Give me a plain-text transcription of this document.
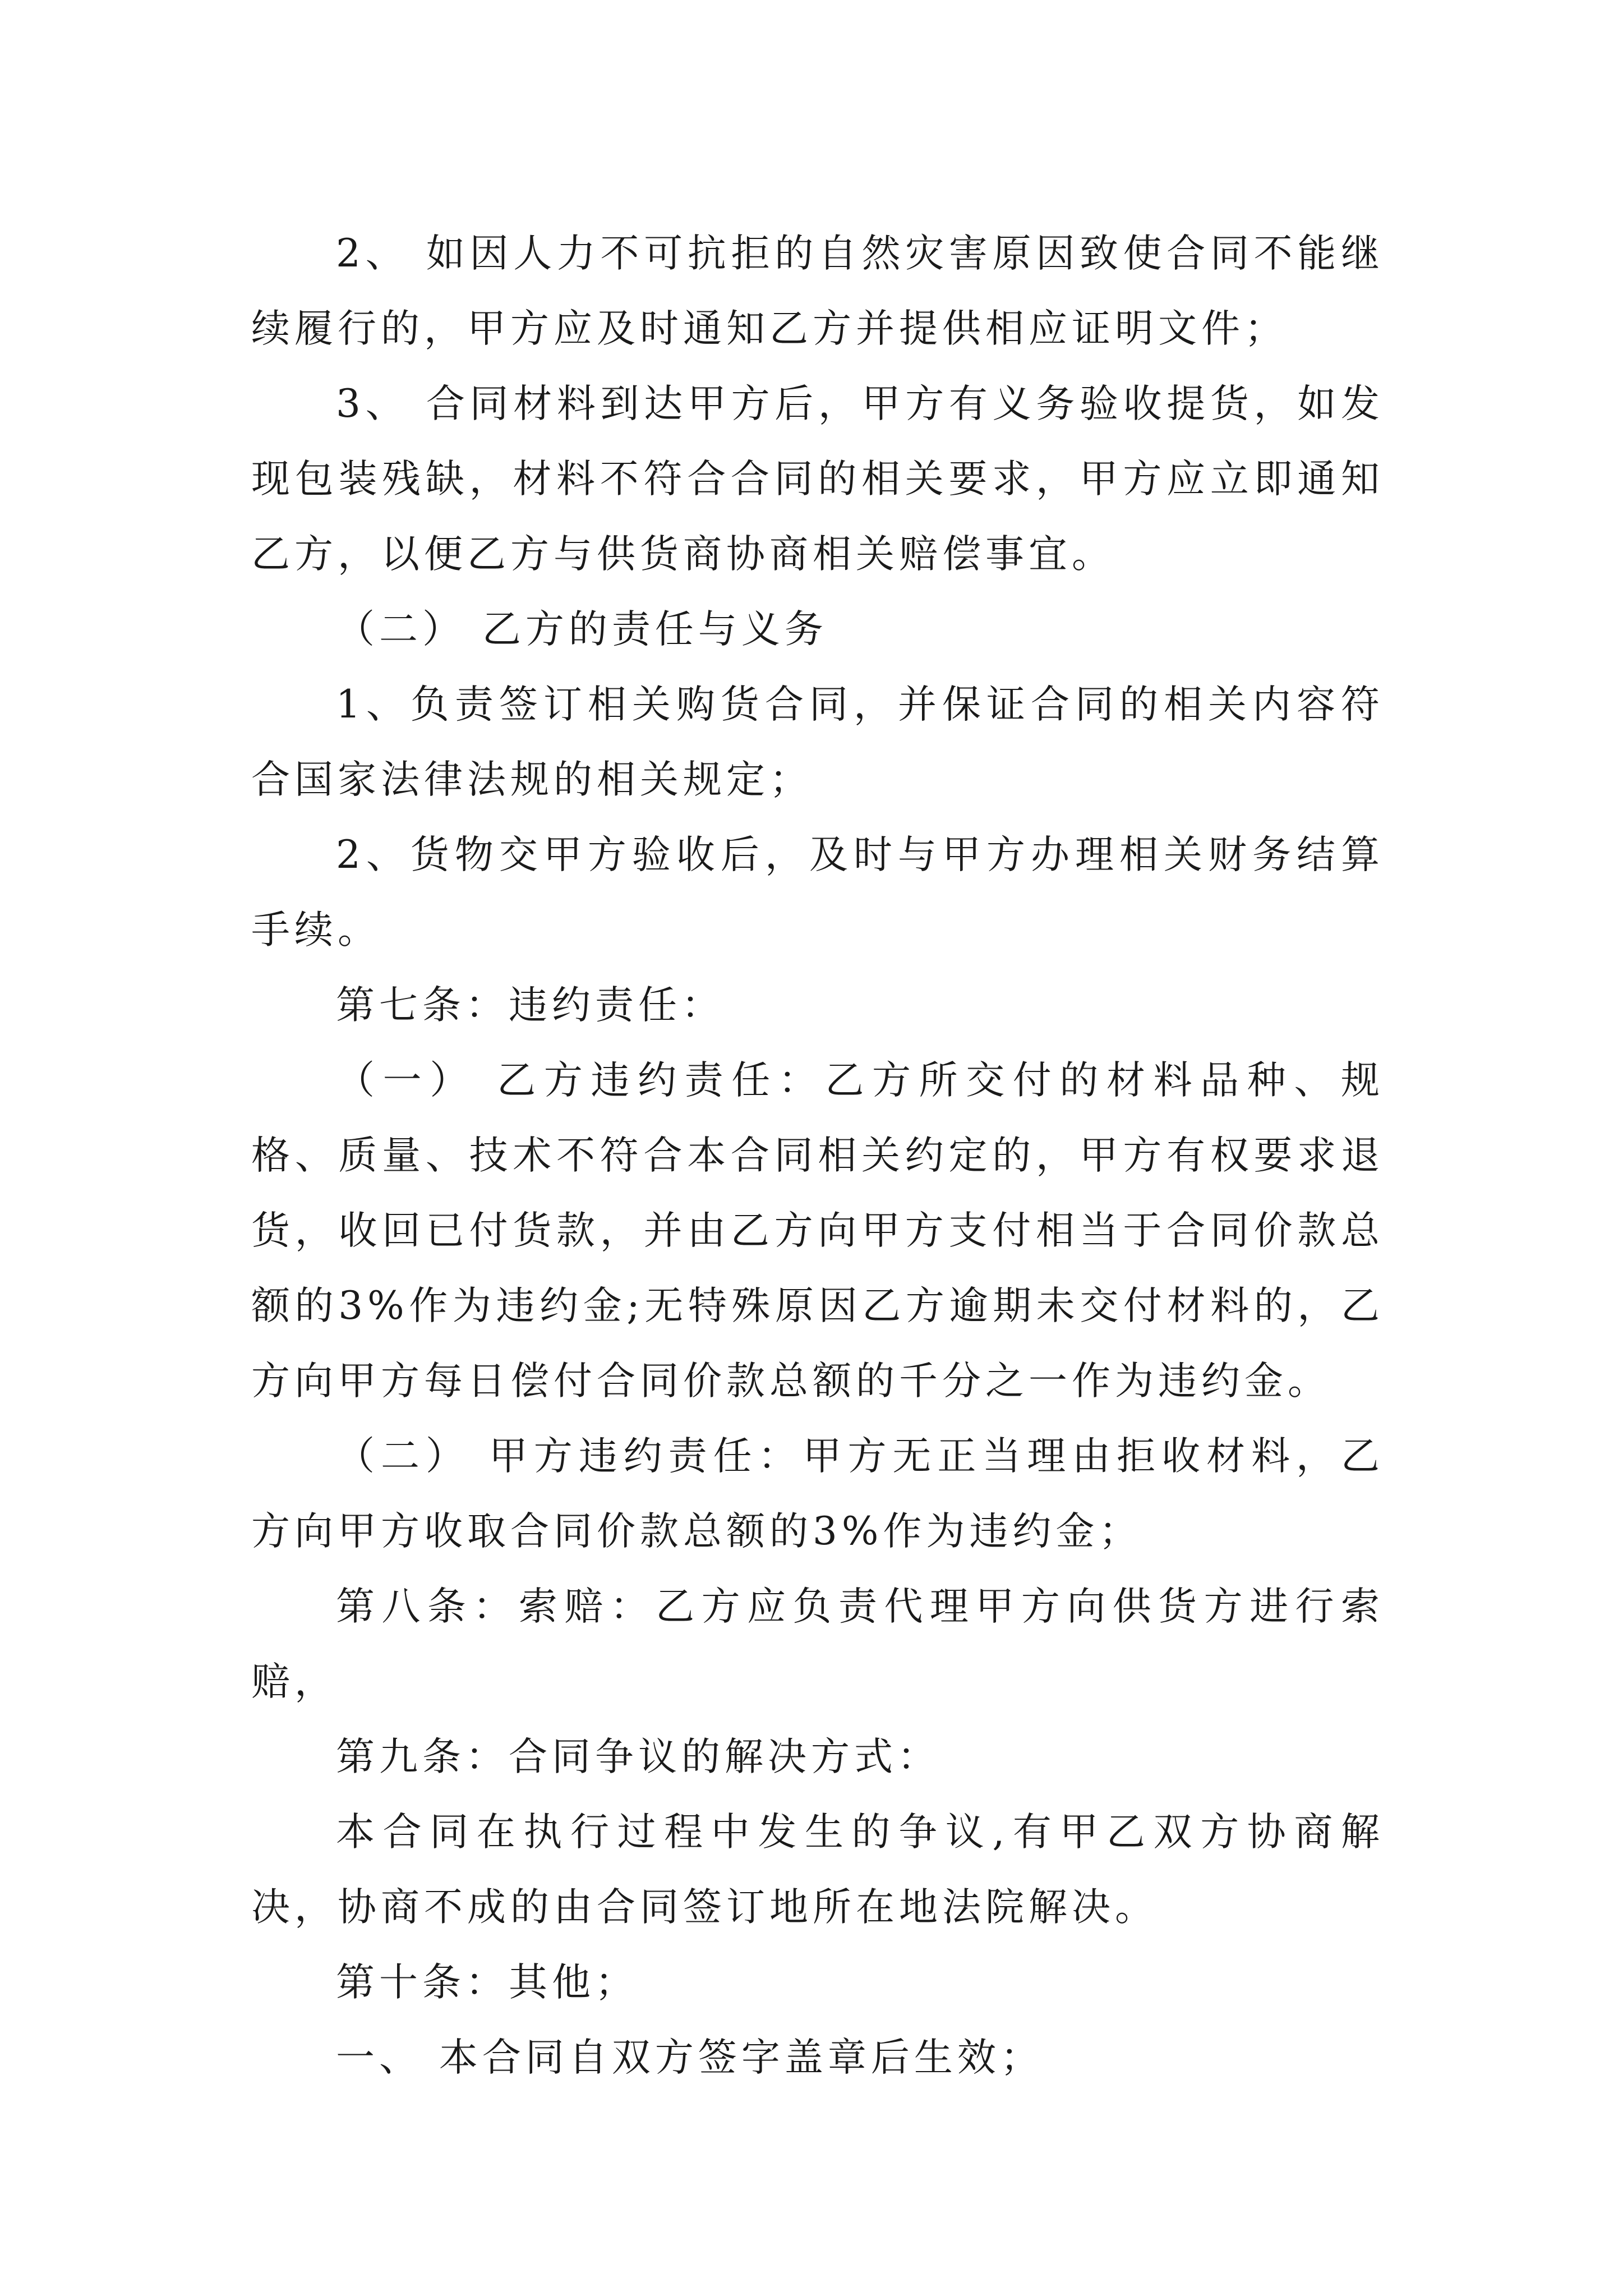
2、 如因人力不可抗拒的自然灾害原因致使合同不能继续履行的，甲方应及时通知乙方并提供相应证明文件；

3、 合同材料到达甲方后，甲方有义务验收提货，如发现包装残缺，材料不符合合同的相关要求，甲方应立即通知乙方，以便乙方与供货商协商相关赔偿事宜。

（二） 乙方的责任与义务

1、负责签订相关购货合同，并保证合同的相关内容符合国家法律法规的相关规定；

2、货物交甲方验收后，及时与甲方办理相关财务结算手续。

第七条：违约责任：

（一） 乙方违约责任：乙方所交付的材料品种、规格、质量、技术不符合本合同相关约定的，甲方有权要求退货，收回已付货款，并由乙方向甲方支付相当于合同价款总额的3%作为违约金;无特殊原因乙方逾期未交付材料的，乙方向甲方每日偿付合同价款总额的千分之一作为违约金。

（二） 甲方违约责任：甲方无正当理由拒收材料，乙方向甲方收取合同价款总额的3%作为违约金；

第八条：索赔：乙方应负责代理甲方向供货方进行索赔，

第九条：合同争议的解决方式：

本合同在执行过程中发生的争议,有甲乙双方协商解决，协商不成的由合同签订地所在地法院解决。

第十条：其他；

一、 本合同自双方签字盖章后生效；
